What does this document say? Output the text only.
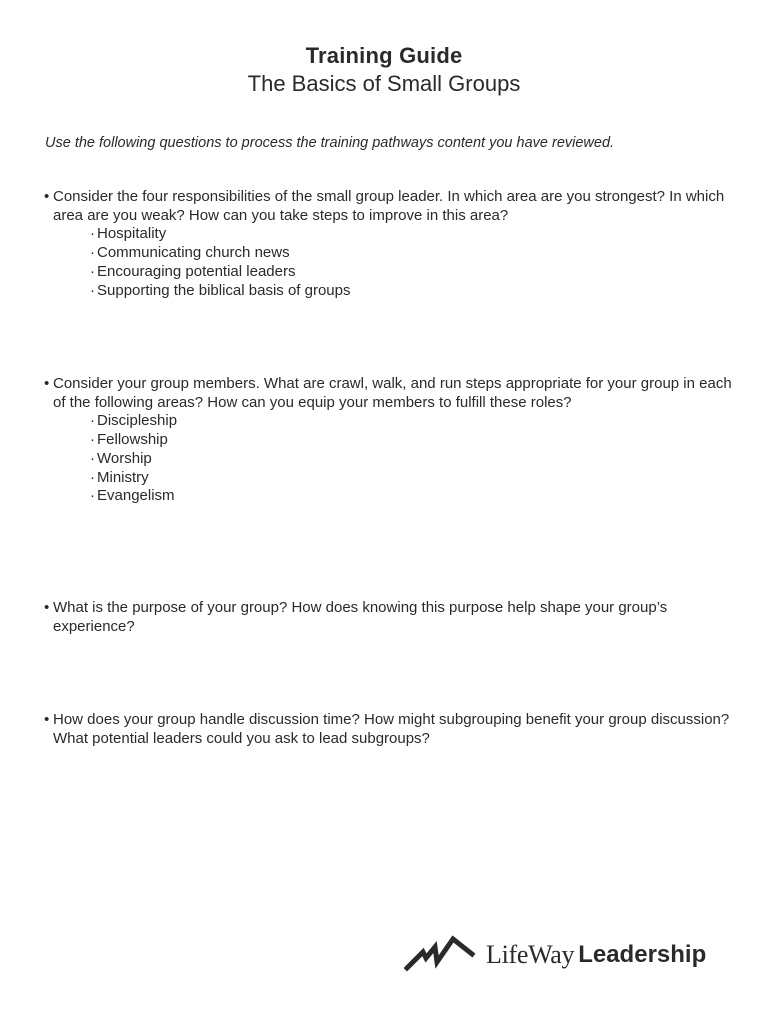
Training Guide
The Basics of Small Groups
Use the following questions to process the training pathways content you have reviewed.
• Consider the four responsibilities of the small group leader. In which area are you strongest? In which area are you weak? How can you take steps to improve in this area?
· Hospitality
· Communicating church news
· Encouraging potential leaders
· Supporting the biblical basis of groups
• Consider your group members. What are crawl, walk, and run steps appropriate for your group in each of the following areas? How can you equip your members to fulfill these roles?
· Discipleship
· Fellowship
· Worship
· Ministry
· Evangelism
• What is the purpose of your group? How does knowing this purpose help shape your group’s experience?
• How does your group handle discussion time? How might subgrouping benefit your group discussion? What potential leaders could you ask to lead subgroups?
LifeWay Leadership
